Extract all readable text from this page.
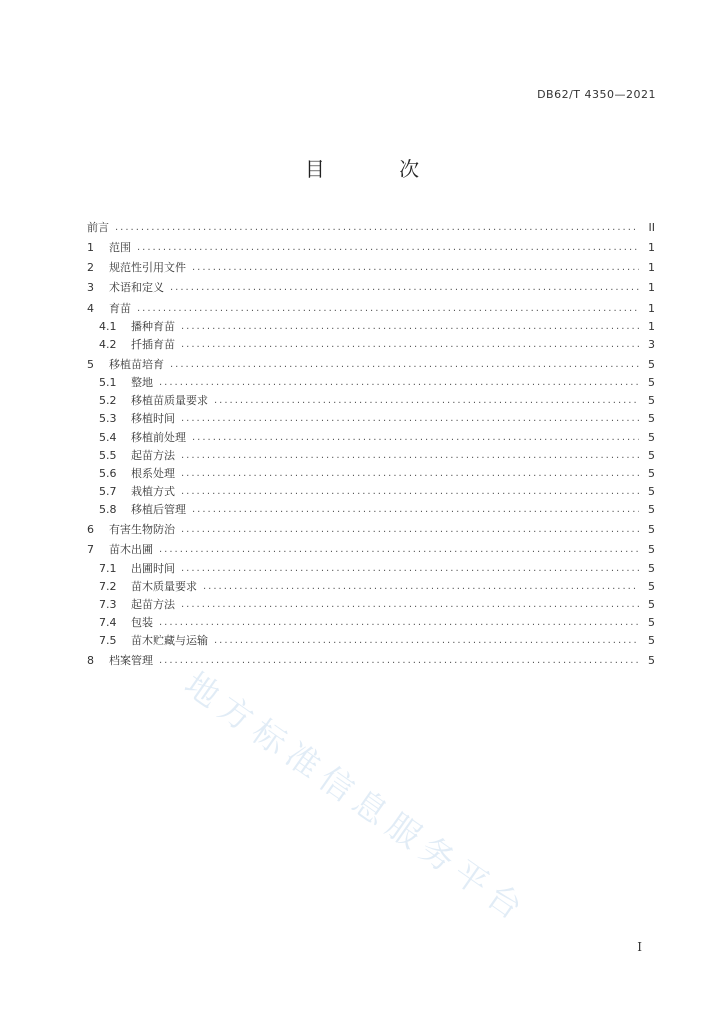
DB62/T 4350—2021
目 次
前言 .....	II
1	范围 .....	1
2	规范性引用文件 .....	1
3	术语和定义 .....	1
4	育苗 .....	1
4.1	播种育苗 .....	1
4.2	扦插育苗 .....	3
5	移植苗培育 .....	5
5.1	整地 .....	5
5.2	移植苗质量要求 .....	5
5.3	移植时间 .....	5
5.4	移植前处理 .....	5
5.5	起苗方法 .....	5
5.6	根系处理 .....	5
5.7	栽植方式 .....	5
5.8	移植后管理 .....	5
6	有害生物防治 .....	5
7	苗木出圃 .....	5
7.1	出圃时间 .....	5
7.2	苗木质量要求 .....	5
7.3	起苗方法 .....	5
7.4	包装 .....	5
7.5	苗木贮藏与运输 .....	5
8	档案管理 .....	5
地方标准信息服务平台
I
